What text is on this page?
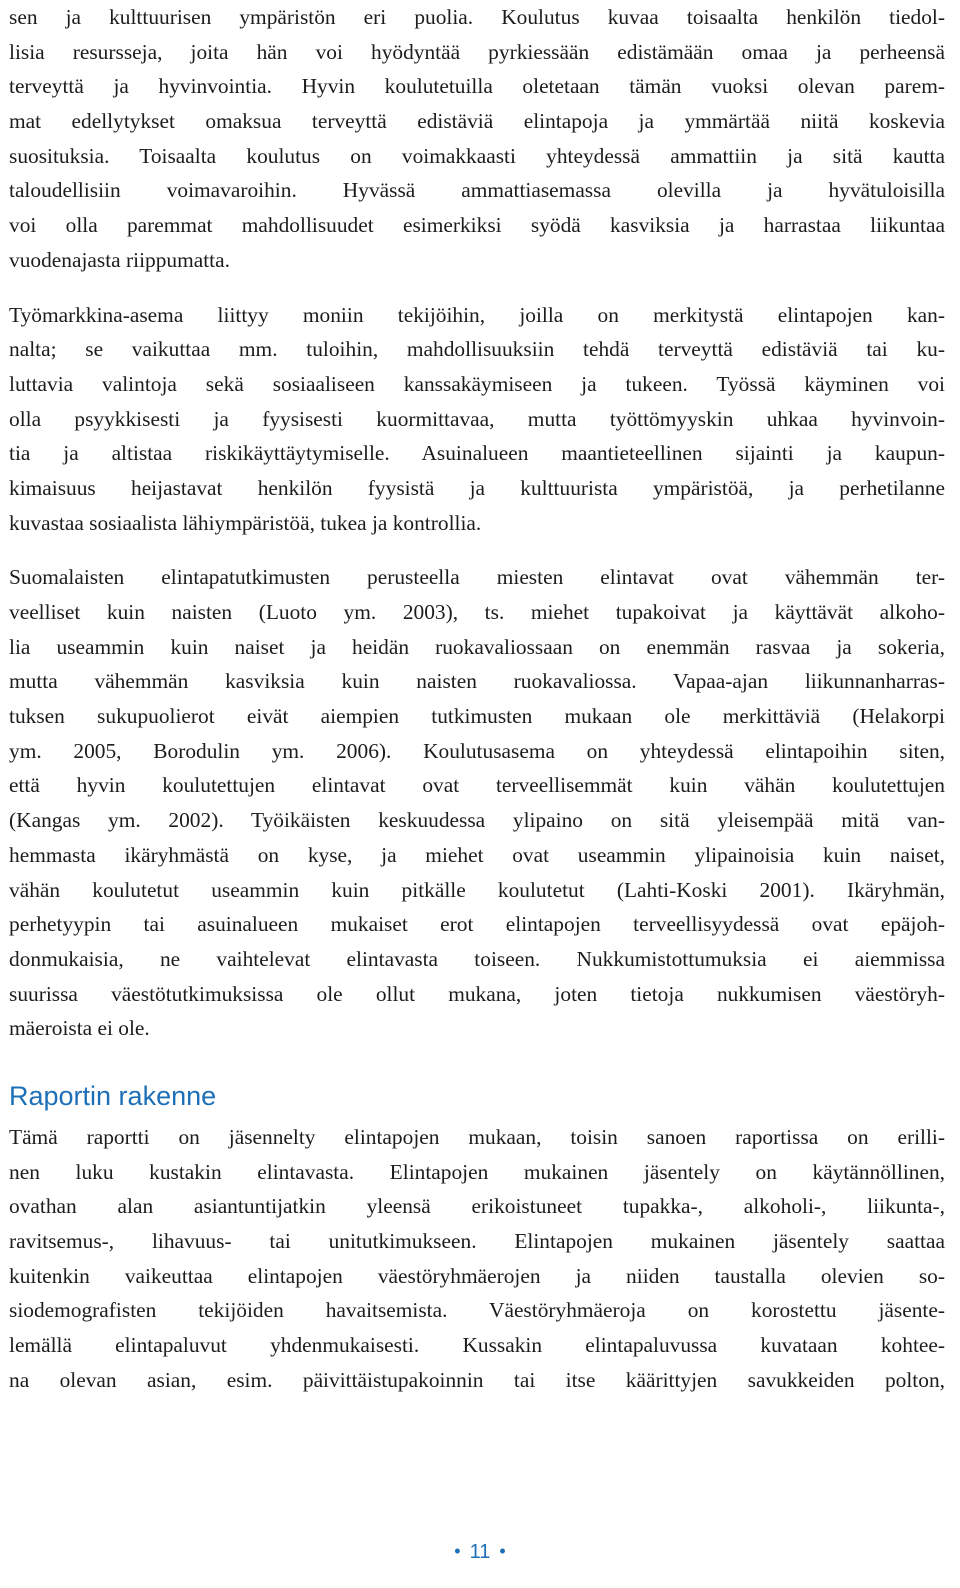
sen ja kulttuurisen ympäristön eri puolia. Koulutus kuvaa toisaalta henkilön tiedol-
lisia resursseja, joita hän voi hyödyntää pyrkiessään edistämään omaa ja perheensä
terveyttä ja hyvinvointia. Hyvin koulutetuilla oletetaan tämän vuoksi olevan parem-
mat edellytykset omaksua terveyttä edistäviä elintapoja ja ymmärtää niitä koskevia
suosituksia. Toisaalta koulutus on voimakkaasti yhteydessä ammattiin ja sitä kautta
taloudellisiin voimavaroihin. Hyvässä ammattiasemassa olevilla ja hyvätuloisilla
voi olla paremmat mahdollisuudet esimerkiksi syödä kasviksia ja harrastaa liikuntaa
vuodenajasta riippumatta.

Työmarkkina-asema liittyy moniin tekijöihin, joilla on merkitystä elintapojen kan-
nalta; se vaikuttaa mm. tuloihin, mahdollisuuksiin tehdä terveyttä edistäviä tai ku-
luttavia valintoja sekä sosiaaliseen kanssakäymiseen ja tukeen. Työssä käyminen voi
olla psyykkisesti ja fyysisesti kuormittavaa, mutta työttömyyskin uhkaa hyvinvoin-
tia ja altistaa riskikäyttäytymiselle. Asuinalueen maantieteellinen sijainti ja kaupun-
kimaisuus heijastavat henkilön fyysistä ja kulttuurista ympäristöä, ja perhetilanne
kuvastaa sosiaalista lähiympäristöä, tukea ja kontrollia.

Suomalaisten elintapatutkimusten perusteella miesten elintavat ovat vähemmän ter-
veelliset kuin naisten (Luoto ym. 2003), ts. miehet tupakoivat ja käyttävät alkoho-
lia useammin kuin naiset ja heidän ruokavaliossaan on enemmän rasvaa ja sokeria,
mutta vähemmän kasviksia kuin naisten ruokavaliossa. Vapaa-ajan liikunnanharras-
tuksen sukupuolierot eivät aiempien tutkimusten mukaan ole merkittäviä (Helakorpi
ym. 2005, Borodulin ym. 2006). Koulutusasema on yhteydessä elintapoihin siten,
että hyvin koulutettujen elintavat ovat terveellisemmät kuin vähän koulutettujen
(Kangas ym. 2002). Työikäisten keskuudessa ylipaino on sitä yleisempää mitä van-
hemmasta ikäryhmästä on kyse, ja miehet ovat useammin ylipainoisia kuin naiset,
vähän koulutetut useammin kuin pitkälle koulutetut (Lahti-Koski 2001). Ikäryhmän,
perhetyypin tai asuinalueen mukaiset erot elintapojen terveellisyydessä ovat epäjoh-
donmukaisia, ne vaihtelevat elintavasta toiseen. Nukkumistottumuksia ei aiemmissa
suurissa väestötutkimuksissa ole ollut mukana, joten tietoja nukkumisen väestöryh-
mäeroista ei ole.

Raportin rakenne

Tämä raportti on jäsennelty elintapojen mukaan, toisin sanoen raportissa on erilli-
nen luku kustakin elintavasta. Elintapojen mukainen jäsentely on käytännöllinen,
ovathan alan asiantuntijatkin yleensä erikoistuneet tupakka-, alkoholi-, liikunta-,
ravitsemus-, lihavuus- tai unitutkimukseen. Elintapojen mukainen jäsentely saattaa
kuitenkin vaikeuttaa elintapojen väestöryhmäerojen ja niiden taustalla olevien so-
siodemografisten tekijöiden havaitsemista. Väestöryhmäeroja on korostettu jäsente-
lemällä elintapaluvut yhdenmukaisesti. Kussakin elintapaluvussa kuvataan kohtee-
na olevan asian, esim. päivittäistupakoinnin tai itse käärittyjen savukkeiden polton,

• 11 •
